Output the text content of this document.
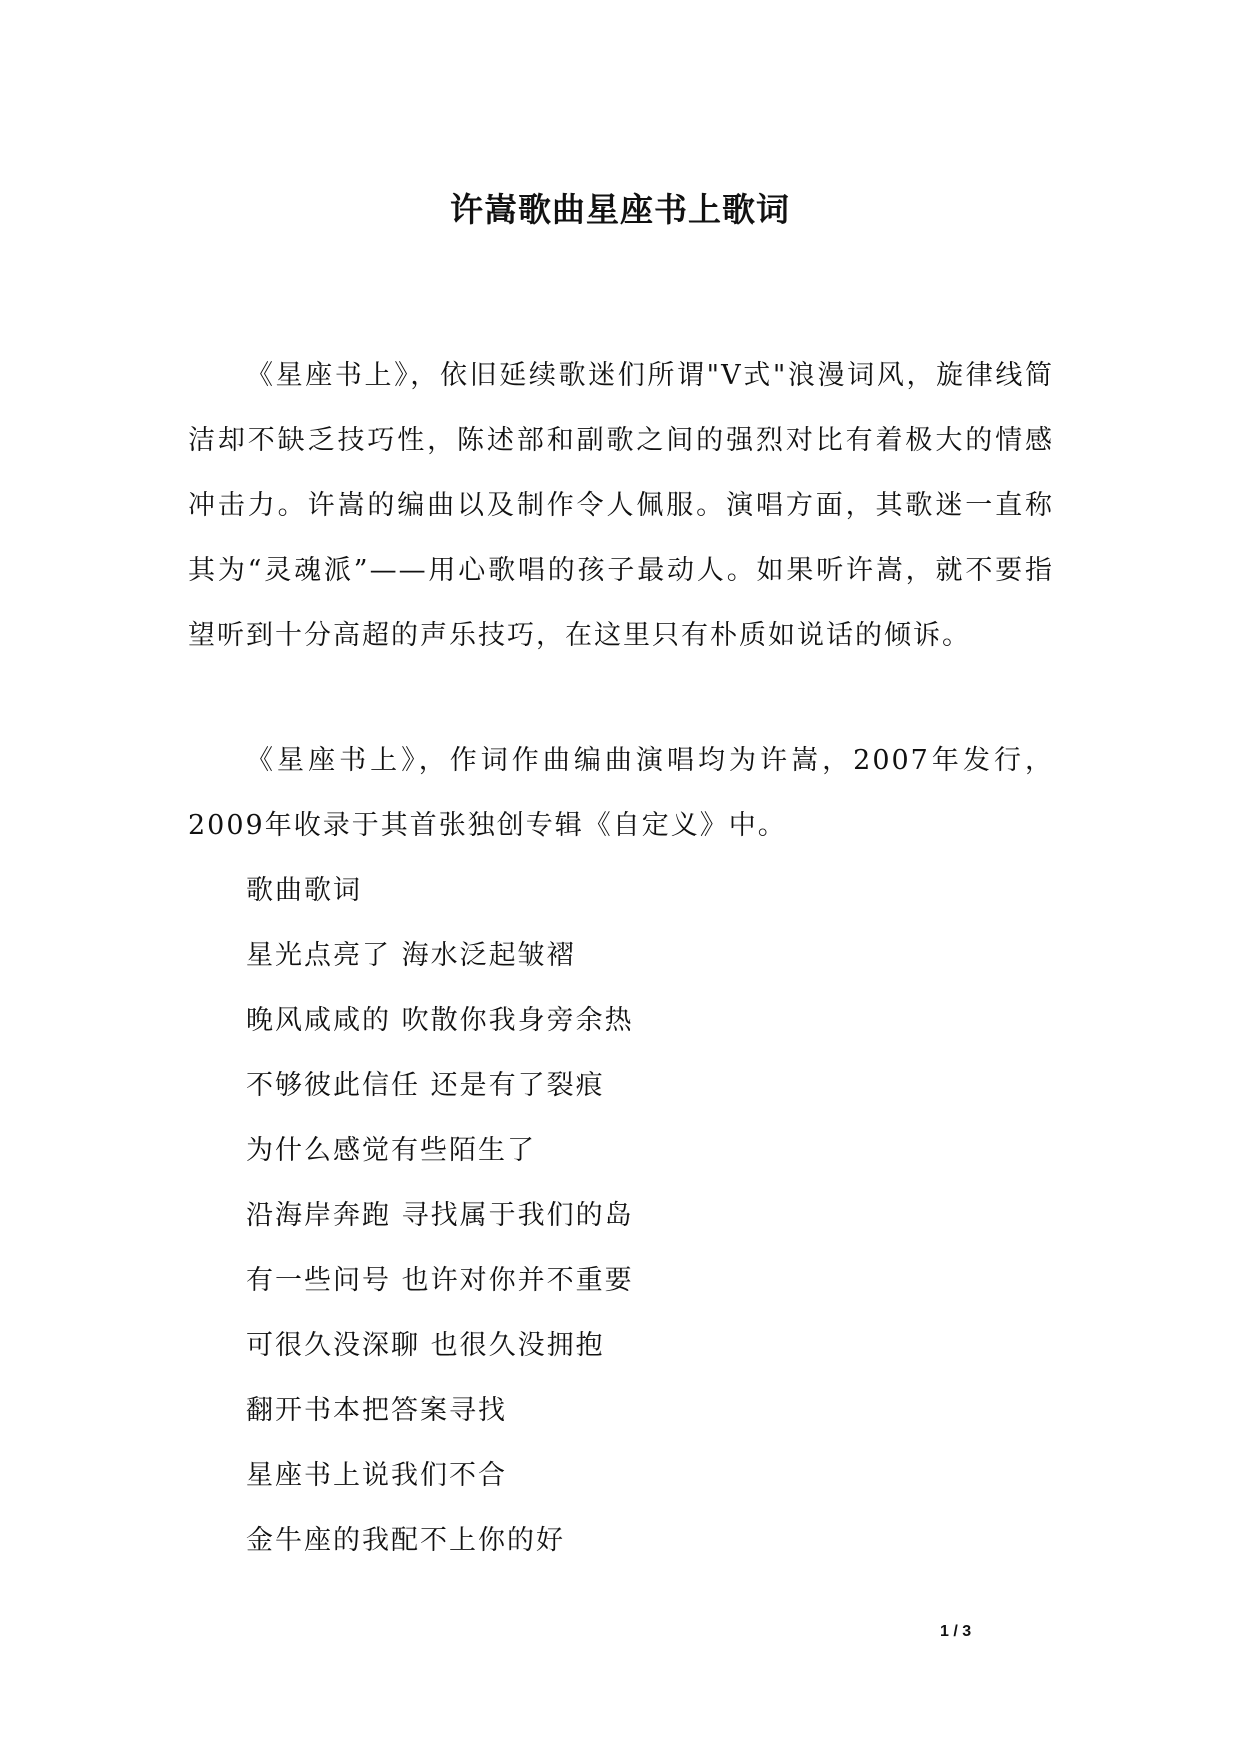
许嵩歌曲星座书上歌词

《星座书上》，依旧延续歌迷们所谓"V式"浪漫词风，旋律线简洁却不缺乏技巧性，陈述部和副歌之间的强烈对比有着极大的情感冲击力。许嵩的编曲以及制作令人佩服。演唱方面，其歌迷一直称其为“灵魂派”——用心歌唱的孩子最动人。如果听许嵩，就不要指望听到十分高超的声乐技巧，在这里只有朴质如说话的倾诉。

《星座书上》，作词作曲编曲演唱均为许嵩，2007年发行，2009年收录于其首张独创专辑《自定义》中。

歌曲歌词
星光点亮了 海水泛起皱褶
晚风咸咸的 吹散你我身旁余热
不够彼此信任 还是有了裂痕
为什么感觉有些陌生了
沿海岸奔跑 寻找属于我们的岛
有一些问号 也许对你并不重要
可很久没深聊 也很久没拥抱
翻开书本把答案寻找
星座书上说我们不合
金牛座的我配不上你的好
1 / 3
